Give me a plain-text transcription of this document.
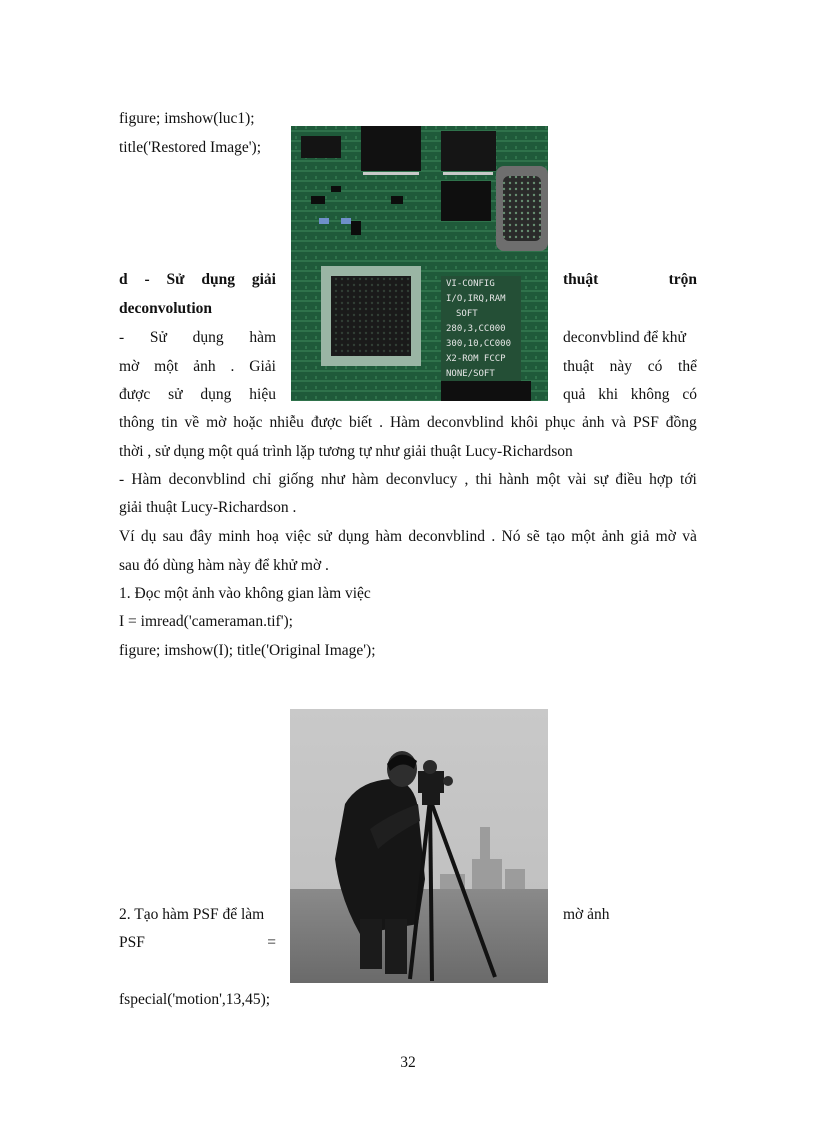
figure; imshow(luc1);
title('Restored Image');
VI-CONFIG
I/O,IRQ,RAM
SOFT
280,3,CC000
300,10,CC000
X2-ROM FCCP
NONE/SOFT
d - Sử dụng giải	thuật	trộn
deconvolution
- Sử dụng hàm	deconvblind để khử
mờ một ảnh . Giải	thuật này có thể
được sử dụng hiệu	quả khi không có
thông tin về mờ hoặc nhiễu được biết . Hàm deconvblind khôi phục ảnh và PSF đồng
thời , sử dụng một quá trình lặp tương tự như giải thuật Lucy-Richardson
- Hàm deconvblind chỉ giống như hàm deconvlucy , thi hành một vài sự điều hợp tới
giải thuật Lucy-Richardson .
Ví dụ sau đây minh hoạ việc sử dụng hàm deconvblind . Nó sẽ tạo một ảnh giả mờ và
sau đó dùng hàm này để khử mờ .
1. Đọc một ảnh vào không gian làm việc
I = imread('cameraman.tif');
figure; imshow(I); title('Original Image');
2. Tạo hàm PSF để làm	mờ ảnh
PSF	=
fspecial('motion',13,45);
32
